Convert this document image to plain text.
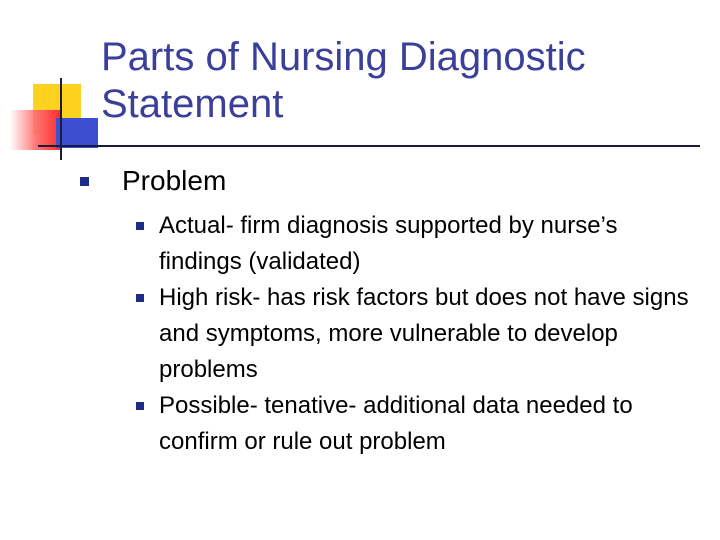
Parts of Nursing Diagnostic Statement
Problem
Actual- firm diagnosis supported by nurse’s findings (validated)
High risk- has risk factors but does not have signs and symptoms, more vulnerable to develop problems
Possible- tenative- additional data needed to confirm or rule out problem
